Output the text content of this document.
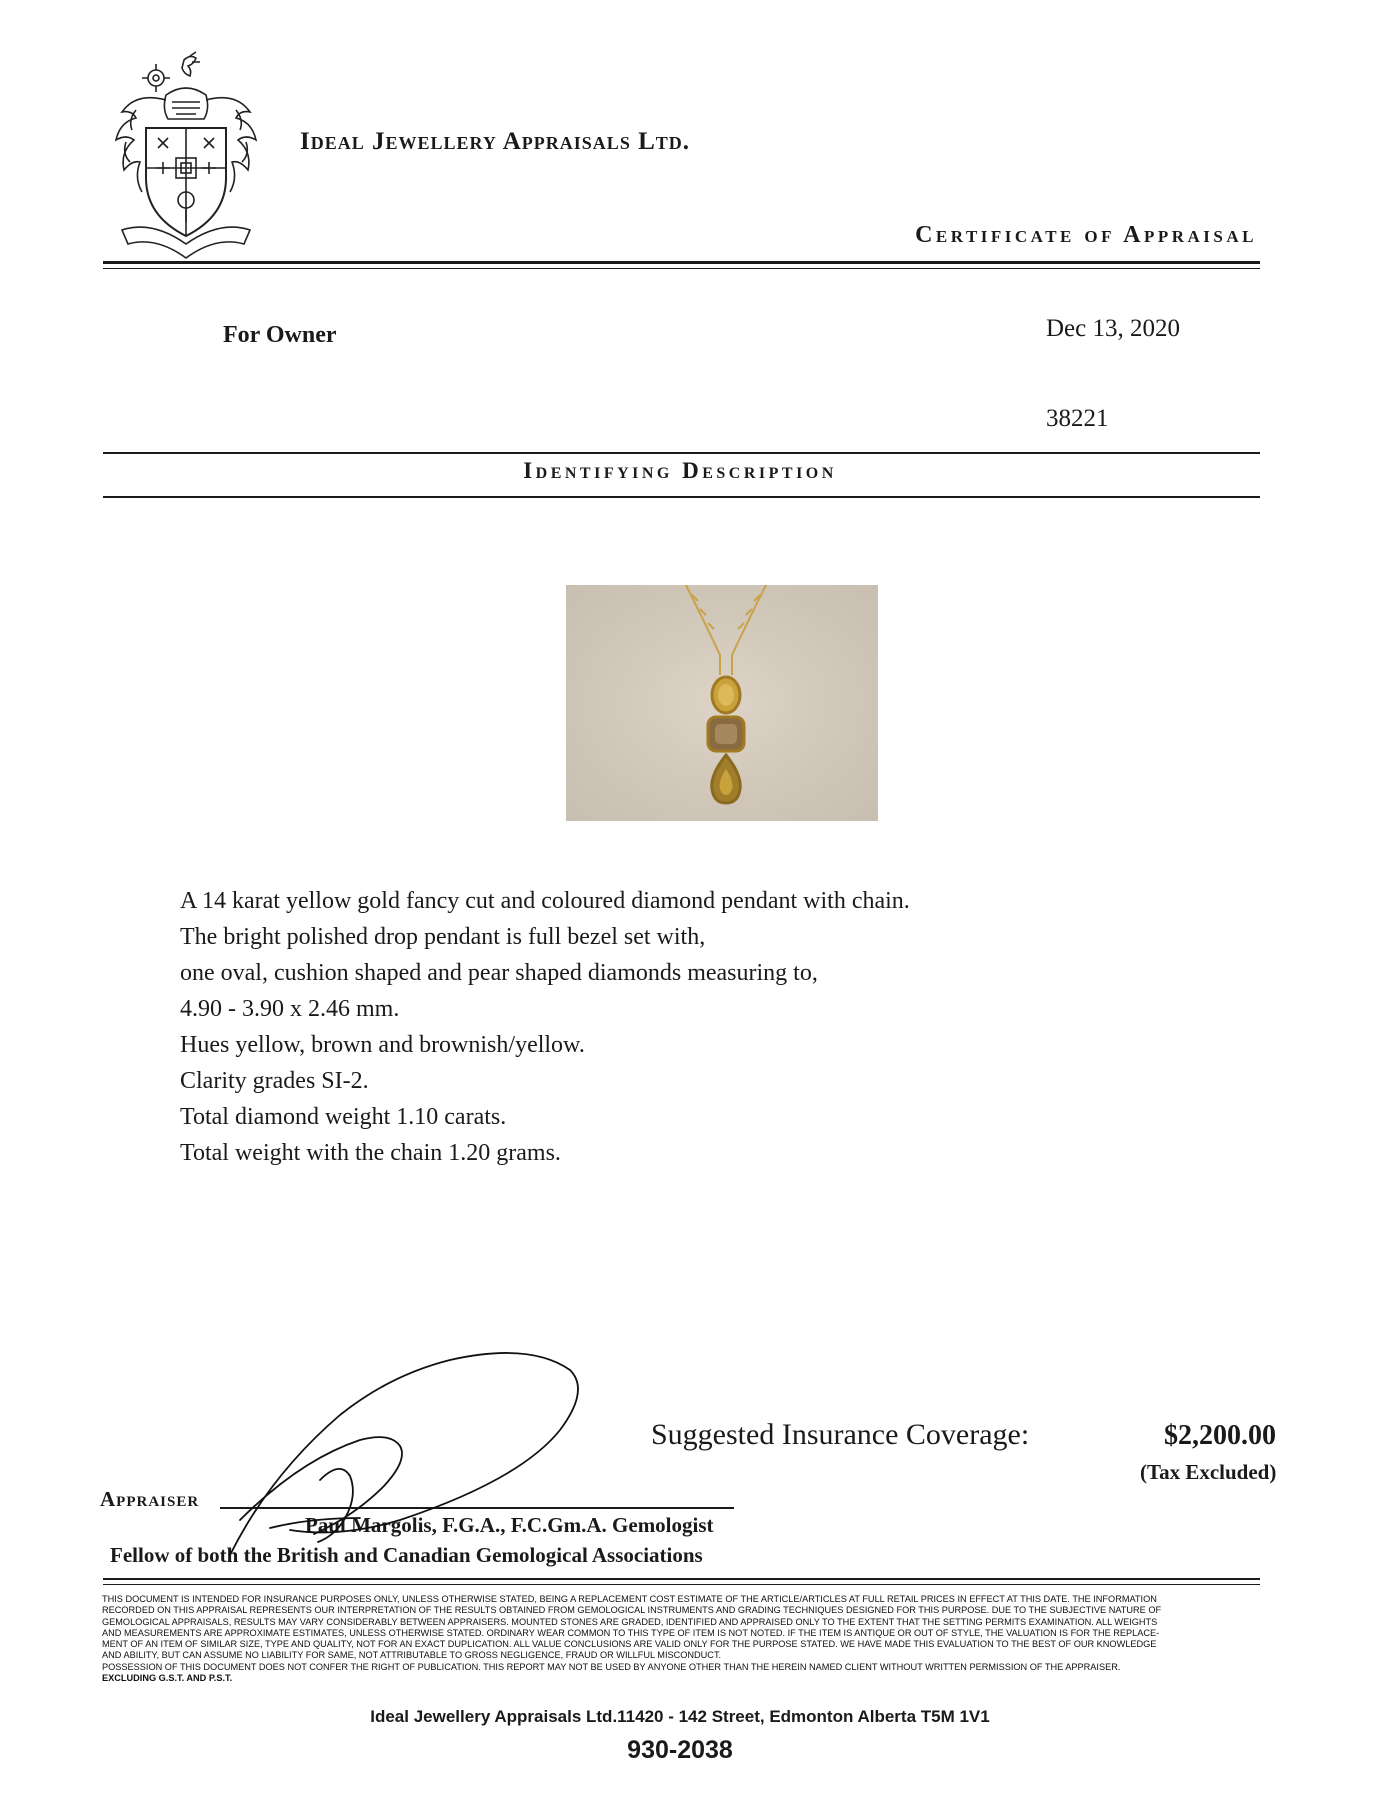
Ideal Jewellery Appraisals Ltd.
Certificate of Appraisal
For Owner	Dec 13, 2020
38221
Identifying Description
A 14 karat yellow gold fancy cut and coloured diamond pendant with chain.
The bright polished drop pendant is full bezel set with,
one oval, cushion shaped and pear shaped diamonds measuring to,
4.90 - 3.90 x 2.46 mm.
Hues yellow, brown and brownish/yellow.
Clarity grades SI-2.
Total diamond weight 1.10 carats.
Total weight with the chain 1.20 grams.
Suggested Insurance Coverage:	$2,200.00
(Tax Excluded)
Appraiser
Paul Margolis, F.G.A., F.C.Gm.A. Gemologist
Fellow of both the British and Canadian Gemological Associations
THIS DOCUMENT IS INTENDED FOR INSURANCE PURPOSES ONLY, UNLESS OTHERWISE STATED, BEING A REPLACEMENT COST ESTIMATE OF THE ARTICLE/ARTICLES AT FULL RETAIL PRICES IN EFFECT AT THIS DATE. THE INFORMATION
RECORDED ON THIS APPRAISAL REPRESENTS OUR INTERPRETATION OF THE RESULTS OBTAINED FROM GEMOLOGICAL INSTRUMENTS AND GRADING TECHNIQUES DESIGNED FOR THIS PURPOSE. DUE TO THE SUBJECTIVE NATURE OF
GEMOLOGICAL APPRAISALS, RESULTS MAY VARY CONSIDERABLY BETWEEN APPRAISERS. MOUNTED STONES ARE GRADED, IDENTIFIED AND APPRAISED ONLY TO THE EXTENT THAT THE SETTING PERMITS EXAMINATION. ALL WEIGHTS
AND MEASUREMENTS ARE APPROXIMATE ESTIMATES, UNLESS OTHERWISE STATED. ORDINARY WEAR COMMON TO THIS TYPE OF ITEM IS NOT NOTED. IF THE ITEM IS ANTIQUE OR OUT OF STYLE, THE VALUATION IS FOR THE REPLACE-
MENT OF AN ITEM OF SIMILAR SIZE, TYPE AND QUALITY, NOT FOR AN EXACT DUPLICATION. ALL VALUE CONCLUSIONS ARE VALID ONLY FOR THE PURPOSE STATED. WE HAVE MADE THIS EVALUATION TO THE BEST OF OUR KNOWLEDGE
AND ABILITY, BUT CAN ASSUME NO LIABILITY FOR SAME, NOT ATTRIBUTABLE TO GROSS NEGLIGENCE, FRAUD OR WILLFUL MISCONDUCT.
POSSESSION OF THIS DOCUMENT DOES NOT CONFER THE RIGHT OF PUBLICATION. THIS REPORT MAY NOT BE USED BY ANYONE OTHER THAN THE HEREIN NAMED CLIENT WITHOUT WRITTEN PERMISSION OF THE APPRAISER.
EXCLUDING G.S.T. AND P.S.T.
Ideal Jewellery Appraisals Ltd.11420 - 142 Street, Edmonton Alberta T5M 1V1
930-2038
